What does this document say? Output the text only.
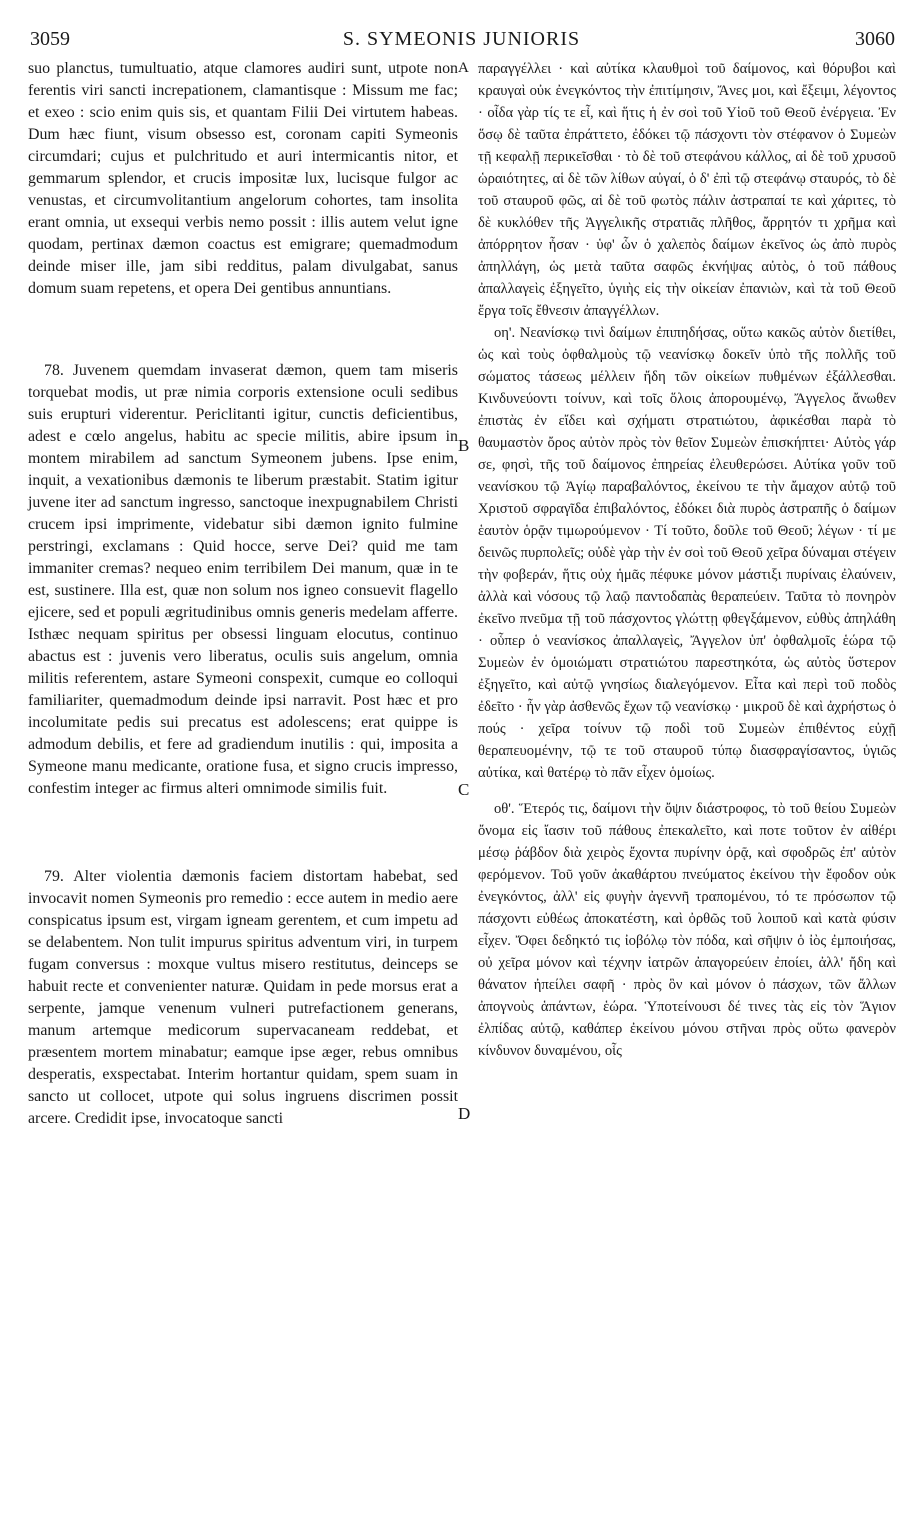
3059	S. SYMEONIS JUNIORIS	3060
A
B
C
D

suo planctus, tumultuatio, atque clamores audiri sunt, utpote non ferentis viri sancti increpationem, clamantisque : Missum me fac; et exeo : scio enim quis sis, et quantam Filii Dei virtutem habeas. Dum hæc fiunt, visum obsesso est, coronam capiti Symeonis circumdari; cujus et pulchritudo et auri intermicantis nitor, et gemmarum splendor, et crucis impositæ lux, lucisque fulgor ac venustas, et circumvolitantium angelorum cohortes, tam insolita erant omnia, ut exsequi verbis nemo possit : illis autem velut igne quodam, pertinax dæmon coactus est emigrare; quemadmodum deinde miser ille, jam sibi redditus, palam divulgabat, sanus domum suam repetens, et opera Dei gentibus annuntians.

78. Juvenem quemdam invaserat dæmon, quem tam miseris torquebat modis, ut præ nimia corporis extensione oculi sedibus suis erupturi viderentur. Periclitanti igitur, cunctis deficientibus, adest e cœlo angelus, habitu ac specie militis, abire ipsum in montem mirabilem ad sanctum Symeonem jubens. Ipse enim, inquit, a vexationibus dæmonis te liberum præstabit. Statim igitur juvene iter ad sanctum ingresso, sanctoque inexpugnabilem Christi crucem ipsi imprimente, videbatur sibi dæmon ignito fulmine perstringi, exclamans : Quid hocce, serve Dei? quid me tam immaniter cremas? nequeo enim terribilem Dei manum, quæ in te est, sustinere. Illa est, quæ non solum nos igneo consuevit flagello ejicere, sed et populi ægritudinibus omnis generis medelam afferre. Isthæc nequam spiritus per obsessi linguam elocutus, continuo abactus est : juvenis vero liberatus, oculis suis angelum, omnia militis referentem, astare Symeoni conspexit, cumque eo colloqui familiariter, quemadmodum deinde ipsi narravit. Post hæc et pro incolumitate pedis sui precatus est adolescens; erat quippe is admodum debilis, et fere ad gradiendum inutilis : qui, imposita a Symeone manu medicante, oratione fusa, et signo crucis impresso, confestim integer ac firmus alteri omnimode similis fuit.

79. Alter violentia dæmonis faciem distortam habebat, sed invocavit nomen Symeonis pro remedio : ecce autem in medio aere conspicatus ipsum est, virgam igneam gerentem, et cum impetu ad se delabentem. Non tulit impurus spiritus adventum viri, in turpem fugam conversus : moxque vultus misero restitutus, deinceps se habuit recte et convenienter naturæ. Quidam in pede morsus erat a serpente, jamque venenum vulneri putrefactionem generans, manum artemque medicorum supervacaneam reddebat, et præsentem mortem minabatur; eamque ipse æger, rebus omnibus desperatis, exspectabat. Interim hortantur quidam, spem suam in sancto ut collocet, utpote qui solus ingruens discrimen possit arcere. Credidit ipse, invocatoque sancti

παραγγέλλει · καὶ αὐτίκα κλαυθμοὶ τοῦ δαίμονος, καὶ θόρυβοι καὶ κραυγαὶ οὐκ ἐνεγκόντος τὴν ἐπιτίμησιν, Ἄνες μοι, καὶ ἔξειμι, λέγοντος · οἶδα γὰρ τίς τε εἶ, καὶ ἥτις ἡ ἐν σοὶ τοῦ Υἱοῦ τοῦ Θεοῦ ἐνέργεια. Ἐν ὅσῳ δὲ ταῦτα ἐπράττετο, ἐδόκει τῷ πάσχοντι τὸν στέφανον ὁ Συμεὼν τῇ κεφαλῇ περικεῖσθαι · τὸ δὲ τοῦ στεφάνου κάλλος, αἱ δὲ τοῦ χρυσοῦ ὡραιότητες, αἱ δὲ τῶν λίθων αὐγαί, ὁ δ' ἐπὶ τῷ στεφάνῳ σταυρός, τὸ δὲ τοῦ σταυροῦ φῶς, αἱ δὲ τοῦ φωτὸς πάλιν ἀστραπαί τε καὶ χάριτες, τὸ δὲ κυκλόθεν τῆς Ἀγγελικῆς στρατιᾶς πλῆθος, ἄρρητόν τι χρῆμα καὶ ἀπόρρητον ἦσαν · ὑφ' ὧν ὁ χαλεπὸς δαίμων ἐκεῖνος ὡς ἀπὸ πυρὸς ἀπηλλάγη, ὡς μετὰ ταῦτα σαφῶς ἐκνήψας αὐτὸς, ὁ τοῦ πάθους ἀπαλλαγεὶς ἐξηγεῖτο, ὑγιὴς εἰς τὴν οἰκείαν ἐπανιὼν, καὶ τὰ τοῦ Θεοῦ ἔργα τοῖς ἔθνεσιν ἀπαγγέλλων.

οη'. Νεανίσκῳ τινὶ δαίμων ἐπιπηδήσας, οὕτω κακῶς αὐτὸν διετίθει, ὡς καὶ τοὺς ὀφθαλμοὺς τῷ νεανίσκῳ δοκεῖν ὑπὸ τῆς πολλῆς τοῦ σώματος τάσεως μέλλειν ἤδη τῶν οἰκείων πυθμένων ἐξάλλεσθαι. Κινδυνεύοντι τοίνυν, καὶ τοῖς ὅλοις ἀπορουμένῳ, Ἄγγελος ἄνωθεν ἐπιστὰς ἐν εἴδει καὶ σχήματι στρατιώτου, ἀφικέσθαι παρὰ τὸ θαυμαστὸν ὄρος αὐτὸν πρὸς τὸν θεῖον Συμεὼν ἐπισκήπτει· Αὐτὸς γάρ σε, φησὶ, τῆς τοῦ δαίμονος ἐπηρείας ἐλευθερώσει. Αὐτίκα γοῦν τοῦ νεανίσκου τῷ Ἁγίῳ παραβαλόντος, ἐκείνου τε τὴν ἄμαχον αὐτῷ τοῦ Χριστοῦ σφραγῖδα ἐπιβαλόντος, ἐδόκει διὰ πυρὸς ἀστραπῆς ὁ δαίμων ἑαυτὸν ὁρᾷν τιμωρούμενον · Τί τοῦτο, δοῦλε τοῦ Θεοῦ; λέγων · τί με δεινῶς πυρπολεῖς; οὐδὲ γὰρ τὴν ἐν σοὶ τοῦ Θεοῦ χεῖρα δύναμαι στέγειν τὴν φοβεράν, ἥτις οὐχ ἡμᾶς πέφυκε μόνον μάστιξι πυρίναις ἐλαύνειν, ἀλλὰ καὶ νόσους τῷ λαῷ παντοδαπὰς θεραπεύειν. Ταῦτα τὸ πονηρὸν ἐκεῖνο πνεῦμα τῇ τοῦ πάσχοντος γλώττῃ φθεγξάμενον, εὐθὺς ἀπηλάθη · οὗπερ ὁ νεανίσκος ἀπαλλαγεὶς, Ἄγγελον ὑπ' ὀφθαλμοῖς ἑώρα τῷ Συμεὼν ἐν ὁμοιώματι στρατιώτου παρεστηκότα, ὡς αὐτὸς ὕστερον ἐξηγεῖτο, καὶ αὐτῷ γνησίως διαλεγόμενον. Εἶτα καὶ περὶ τοῦ ποδὸς ἐδεῖτο · ἦν γὰρ ἀσθενῶς ἔχων τῷ νεανίσκῳ · μικροῦ δὲ καὶ ἀχρήστως ὁ πούς · χεῖρα τοίνυν τῷ ποδὶ τοῦ Συμεὼν ἐπιθέντος εὐχῇ θεραπευομένην, τῷ τε τοῦ σταυροῦ τύπῳ διασφραγίσαντος, ὑγιῶς αὐτίκα, καὶ θατέρῳ τὸ πᾶν εἶχεν ὁμοίως.

οθ'. Ἕτερός τις, δαίμονι τὴν ὄψιν διάστροφος, τὸ τοῦ θείου Συμεὼν ὄνομα εἰς ἴασιν τοῦ πάθους ἐπεκαλεῖτο, καὶ ποτε τοῦτον ἐν αἰθέρι μέσῳ ῥάβδον διὰ χειρὸς ἔχοντα πυρίνην ὁρᾷ, καὶ σφοδρῶς ἐπ' αὐτὸν φερόμενον. Τοῦ γοῦν ἀκαθάρτου πνεύματος ἐκείνου τὴν ἔφοδον οὐκ ἐνεγκόντος, ἀλλ' εἰς φυγὴν ἀγεννῆ τραπομένου, τό τε πρόσωπον τῷ πάσχοντι εὐθέως ἀποκατέστη, καὶ ὀρθῶς τοῦ λοιποῦ καὶ κατὰ φύσιν εἶχεν. Ὄφει δεδηκτό τις ἰοβόλῳ τὸν πόδα, καὶ σῆψιν ὁ ἰὸς ἐμποιήσας, οὐ χεῖρα μόνον καὶ τέχνην ἰατρῶν ἀπαγορεύειν ἐποίει, ἀλλ' ἤδη καὶ θάνατον ἠπείλει σαφῆ · πρὸς ὃν καὶ μόνον ὁ πάσχων, τῶν ἄλλων ἀπογνοὺς ἁπάντων, ἑώρα. Ὑποτείνουσι δέ τινες τὰς εἰς τὸν Ἅγιον ἐλπίδας αὐτῷ, καθάπερ ἐκείνου μόνου στῆναι πρὸς οὕτω φανερὸν κίνδυνον δυναμένου, οἷς
